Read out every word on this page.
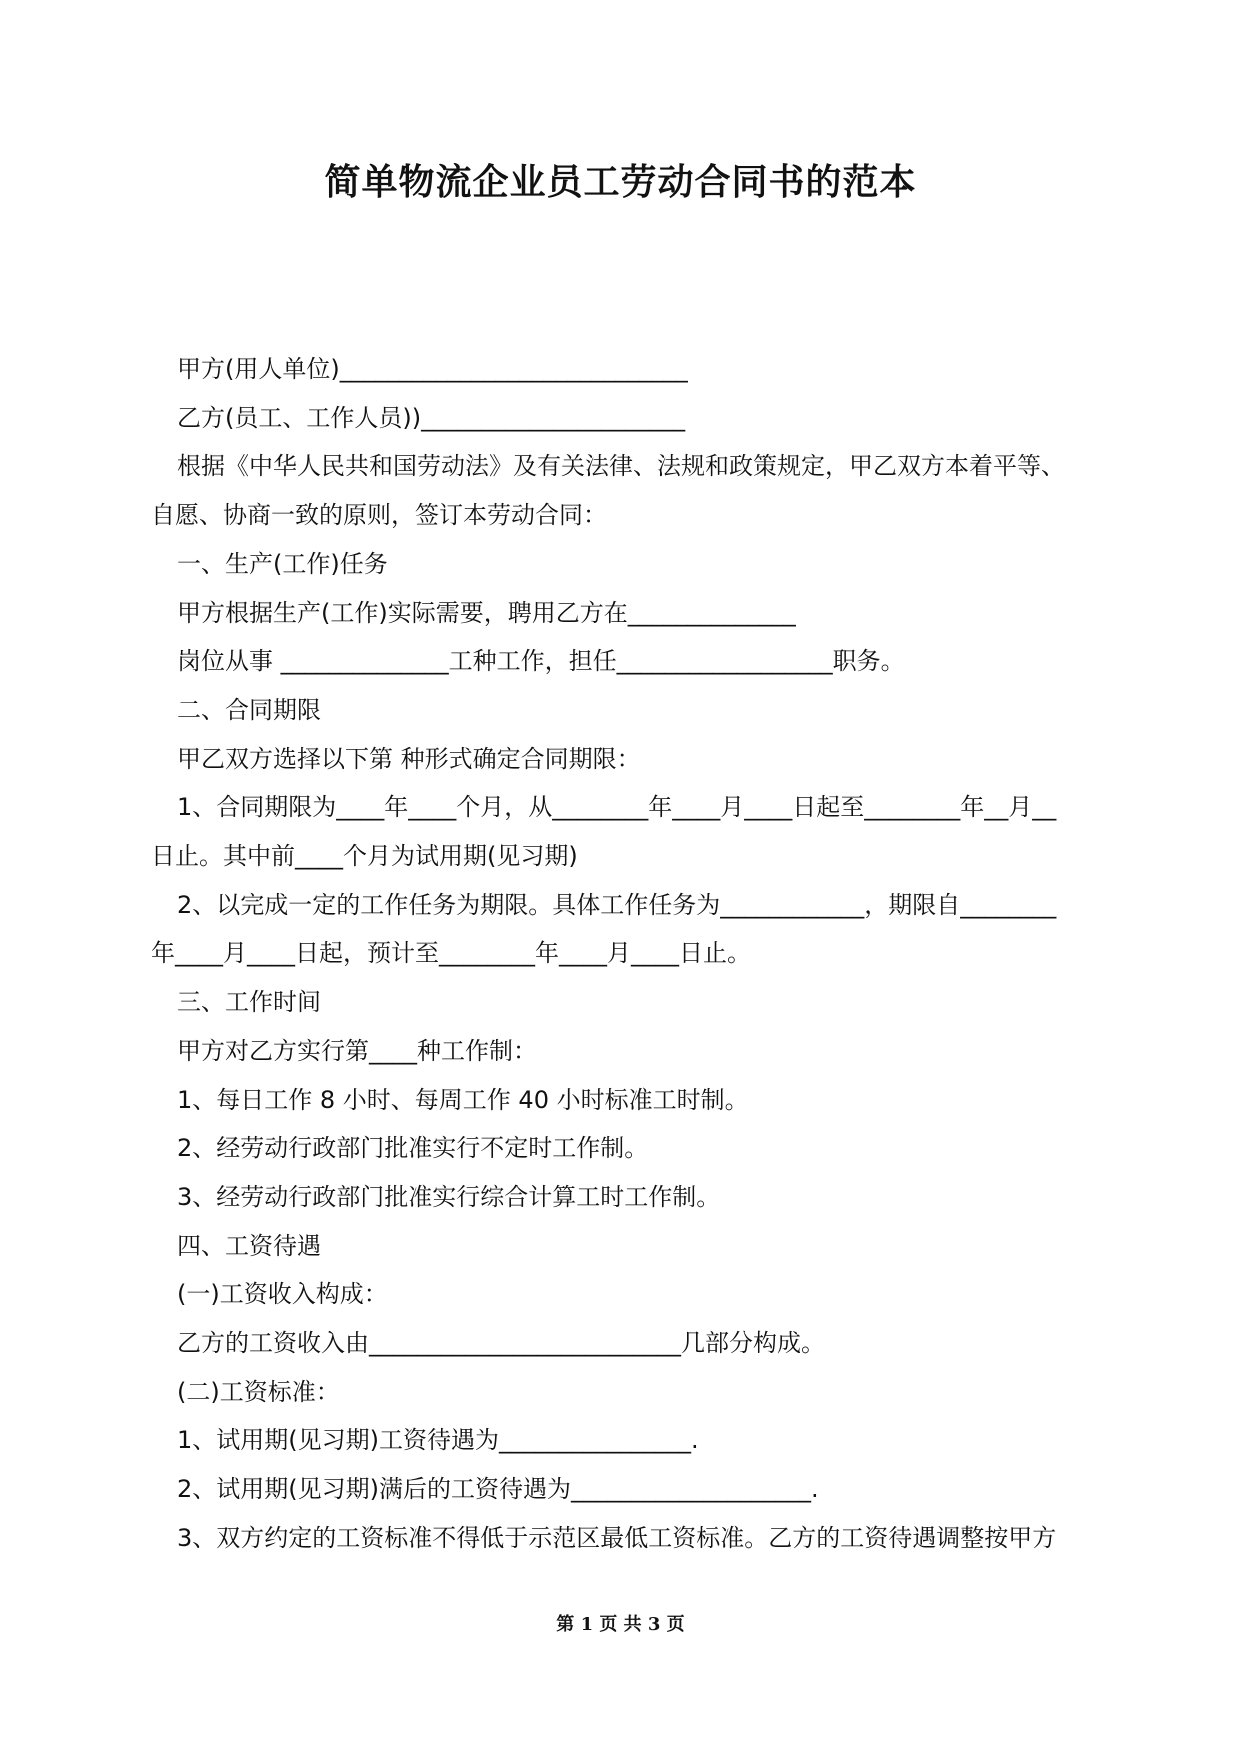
简单物流企业员工劳动合同书的范本

甲方(用人单位)_____________________________

乙方(员工、工作人员))______________________

根据《中华人民共和国劳动法》及有关法律、法规和政策规定，甲乙双方本着平等、

自愿、协商一致的原则，签订本劳动合同：

一、生产(工作)任务

甲方根据生产(工作)实际需要，聘用乙方在______________

岗位从事 ______________工种工作，担任__________________职务。

二、合同期限

甲乙双方选择以下第 种形式确定合同期限：

1、合同期限为____年____个月，从________年____月____日起至________年__月__

日止。其中前____个月为试用期(见习期)

2、以完成一定的工作任务为期限。具体工作任务为____________，期限自________

年____月____日起，预计至________年____月____日止。

三、工作时间

甲方对乙方实行第____种工作制：

1、每日工作 8 小时、每周工作 40 小时标准工时制。

2、经劳动行政部门批准实行不定时工作制。

3、经劳动行政部门批准实行综合计算工时工作制。

四、工资待遇

(一)工资收入构成：

乙方的工资收入由__________________________几部分构成。

(二)工资标准：

1、试用期(见习期)工资待遇为________________.

2、试用期(见习期)满后的工资待遇为____________________.

3、双方约定的工资标准不得低于示范区最低工资标准。乙方的工资待遇调整按甲方

第 1 页 共 3 页
